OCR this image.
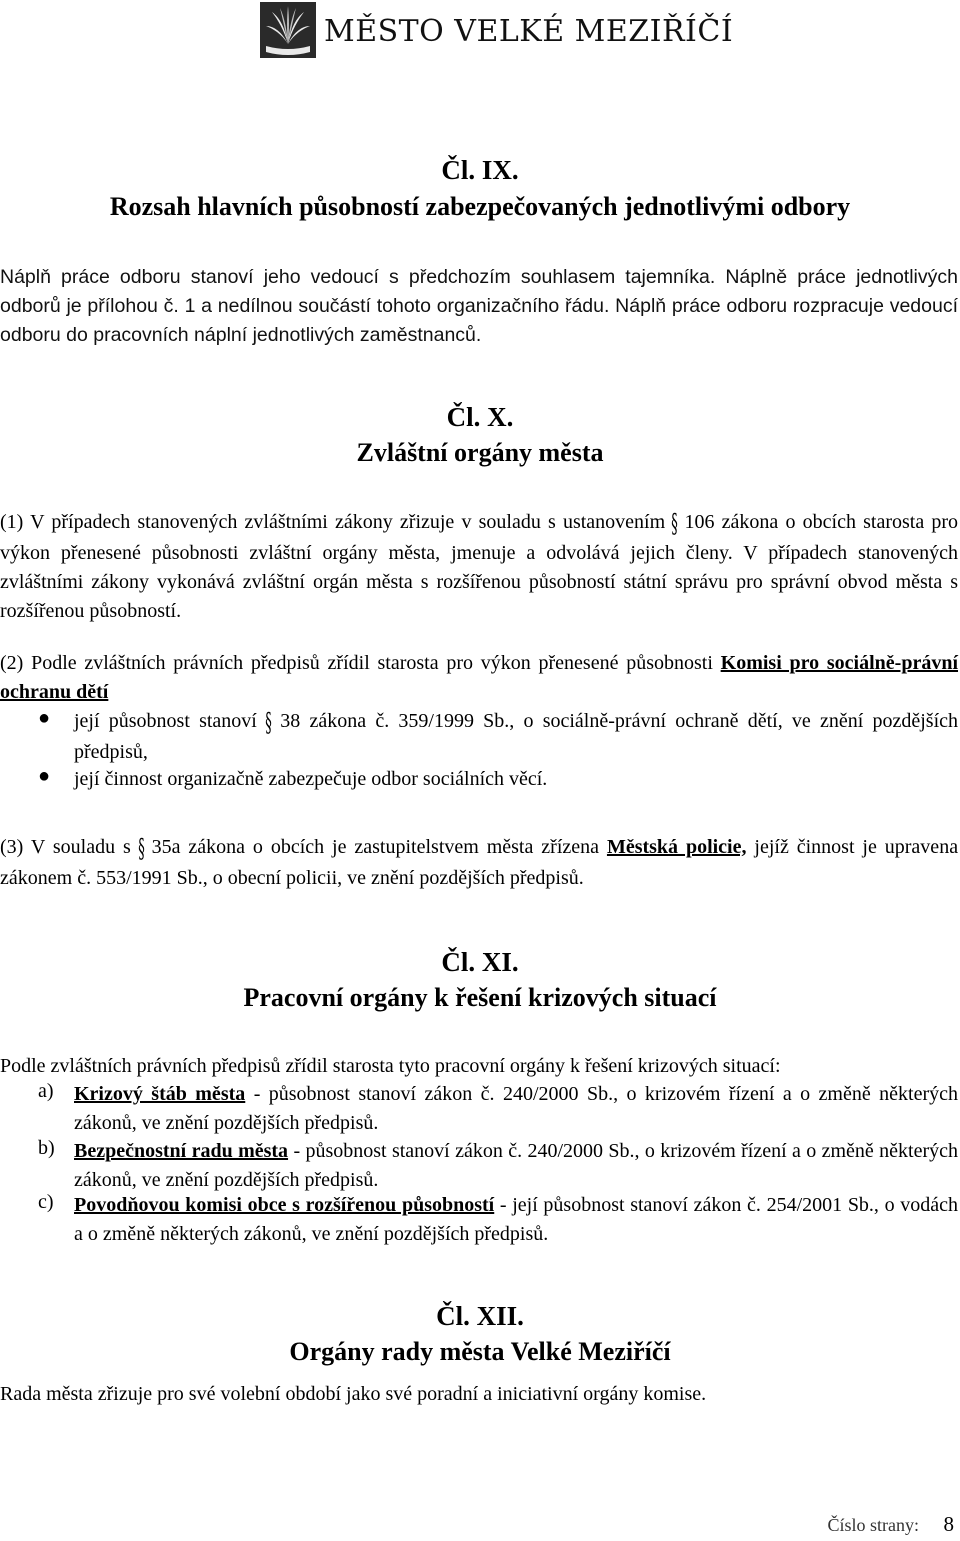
MĚSTO VELKÉ MEZIŘÍČÍ
Čl. IX.
Rozsah hlavních působností zabezpečovaných jednotlivými odbory
Náplň práce odboru stanoví jeho vedoucí s předchozím souhlasem tajemníka. Náplně práce jednotlivých odborů je přílohou č. 1 a nedílnou součástí tohoto organizačního řádu. Náplň práce odboru rozpracuje vedoucí odboru do pracovních náplní jednotlivých zaměstnanců.
Čl. X.
Zvláštní orgány města
(1) V případech stanovených zvláštními zákony zřizuje v souladu s ustanovením § 106 zákona o obcích starosta pro výkon přenesené působnosti zvláštní orgány města, jmenuje a odvolává jejich členy. V případech stanovených zvláštními zákony vykonává zvláštní orgán města s rozšířenou působností státní správu pro správní obvod města s rozšířenou působností.
(2) Podle zvláštních právních předpisů zřídil starosta pro výkon přenesené působnosti Komisi pro sociálně-právní ochranu dětí
● její působnost stanoví § 38 zákona č. 359/1999 Sb., o sociálně-právní ochraně dětí, ve znění pozdějších předpisů,
● její činnost organizačně zabezpečuje odbor sociálních věcí.
(3) V souladu s § 35a zákona o obcích je zastupitelstvem města zřízena Městská policie, jejíž činnost je upravena zákonem č. 553/1991 Sb., o obecní policii, ve znění pozdějších předpisů.
Čl. XI.
Pracovní orgány k řešení krizových situací
Podle zvláštních právních předpisů zřídil starosta tyto pracovní orgány k řešení krizových situací:
a) Krizový štáb města - působnost stanoví zákon č. 240/2000 Sb., o krizovém řízení a o změně některých zákonů, ve znění pozdějších předpisů.
b) Bezpečnostní radu města - působnost stanoví zákon č. 240/2000 Sb., o krizovém řízení a o změně některých zákonů, ve znění pozdějších předpisů.
c) Povodňovou komisi obce s rozšířenou působností - její působnost stanoví zákon č. 254/2001 Sb., o vodách a o změně některých zákonů, ve znění pozdějších předpisů.
Čl. XII.
Orgány rady města Velké Meziříčí
Rada města zřizuje pro své volební období jako své poradní a iniciativní orgány komise.
Číslo strany: 8
